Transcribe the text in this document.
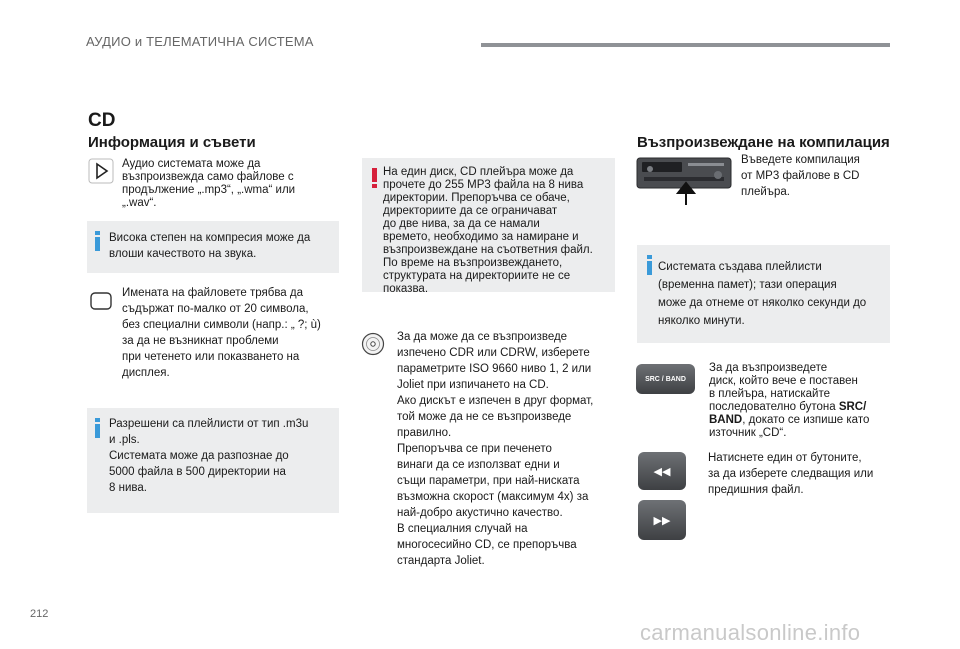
АУДИО и ТЕЛЕМАТИЧНА СИСТЕМА
CD
Информация и съвети
Аудио системата може да
възпроизвежда само файлове с
продължение „.mp3“, „.wma“ или
„.wav“.
Висока степен на компресия може да
влоши качеството на звука.
Имената на файловете трябва да
съдържат по-малко от 20 символа,
без специални символи (напр.: „ ?; ù)
за да не възникнат проблеми
при четенето или показването на
дисплея.
Разрешени са плейлисти от тип .m3u
и .pls.
Системата може да разпознае до
5000 файла в 500 директории на
8 нива.
На един диск, CD плейъра може да
прочете до 255 MP3 файла на 8 нива
директории. Препоръчва се обаче,
директориите да се ограничават
до две нива, за да се намали
времето, необходимо за намиране и
възпроизвеждане на съответния файл.
По време на възпроизвеждането,
структурата на директориите не се
показва.
За да може да се възпроизведе
изпечено CDR или CDRW, изберете
параметрите ISO 9660 ниво 1, 2 или
Joliet при изпичането на CD.
Ако дискът е изпечен в друг формат,
той може да не се възпроизведе
правилно.
Препоръчва се при печенето
винаги да се използват едни и
същи параметри, при най-ниската
възможна скорост (максимум 4х) за
най-добро акустично качество.
В специалния случай на
многосесийно CD, се препоръчва
стандарта Joliet.
Възпроизвеждане на компилация
Въведете компилация
от MP3 файлове в CD
плейъра.
Системата създава плейлисти
(временна памет); тази операция
може да отнеме от няколко секунди до
няколко минути.
SRC / BAND
За да възпроизведете
диск, който вече е поставен
в плейъра, натискайте
последователно бутона SRC/
BAND, докато се изпише като
източник „CD“.
◀◀
▶▶
Натиснете един от бутоните,
за да изберете следващия или
предишния файл.
212
carmanualsonline.info
